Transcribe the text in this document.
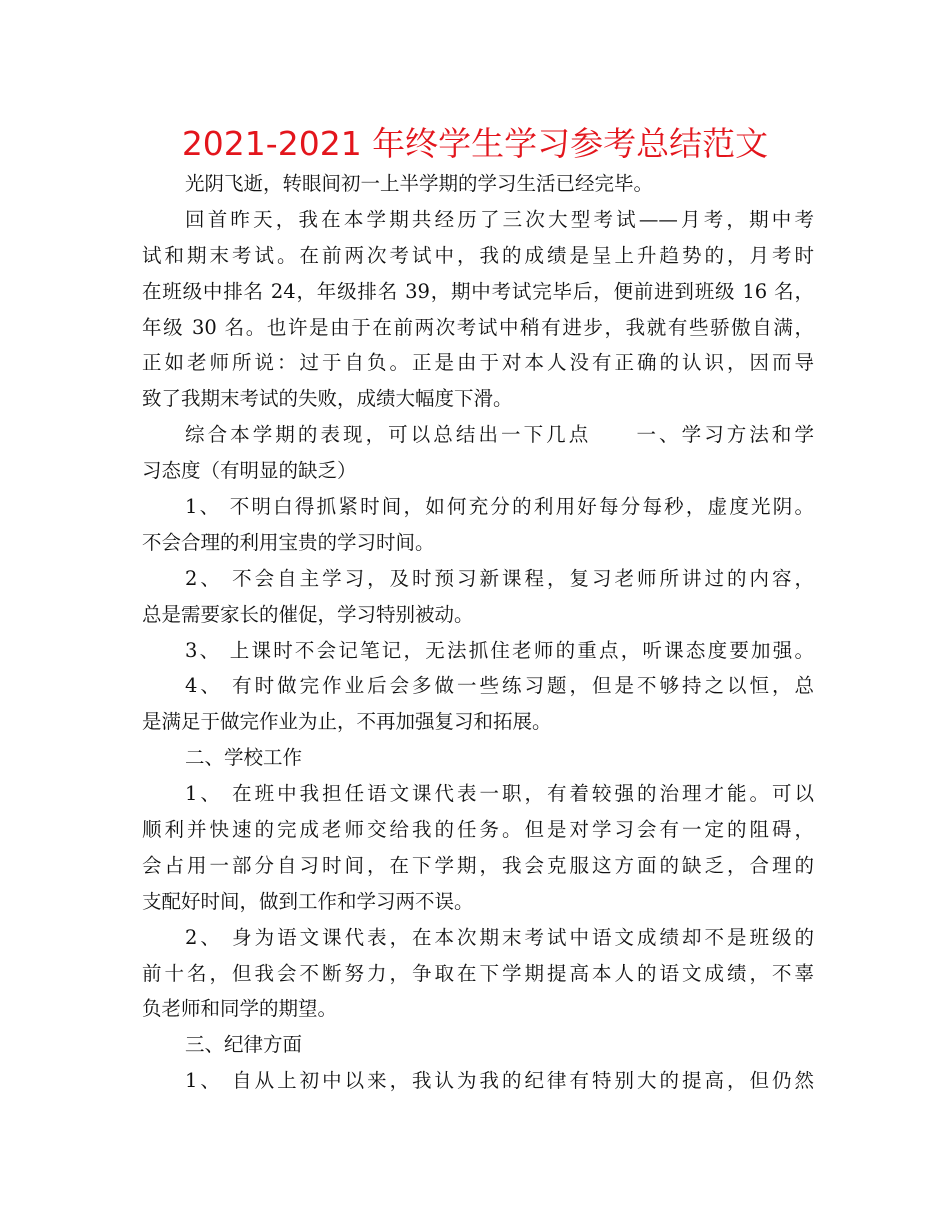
2021-2021 年终学生学习参考总结范文

光阴飞逝，转眼间初一上半学期的学习生活已经完毕。

回首昨天，我在本学期共经历了三次大型考试——月考，期中考

试和期末考试。在前两次考试中，我的成绩是呈上升趋势的，月考时

在班级中排名 24，年级排名 39，期中考试完毕后，便前进到班级 16 名，

年级 30 名。也许是由于在前两次考试中稍有进步，我就有些骄傲自满，

正如老师所说：过于自负。正是由于对本人没有正确的认识，因而导

致了我期末考试的失败，成绩大幅度下滑。

综合本学期的表现，可以总结出一下几点　　一、学习方法和学

习态度（有明显的缺乏）

1、 不明白得抓紧时间，如何充分的利用好每分每秒，虚度光阴。

不会合理的利用宝贵的学习时间。

2、 不会自主学习，及时预习新课程，复习老师所讲过的内容，

总是需要家长的催促，学习特别被动。

3、 上课时不会记笔记，无法抓住老师的重点，听课态度要加强。

4、 有时做完作业后会多做一些练习题，但是不够持之以恒，总

是满足于做完作业为止，不再加强复习和拓展。

二、学校工作

1、 在班中我担任语文课代表一职，有着较强的治理才能。可以

顺利并快速的完成老师交给我的任务。但是对学习会有一定的阻碍，

会占用一部分自习时间，在下学期，我会克服这方面的缺乏，合理的

支配好时间，做到工作和学习两不误。

2、 身为语文课代表，在本次期末考试中语文成绩却不是班级的

前十名，但我会不断努力，争取在下学期提高本人的语文成绩，不辜

负老师和同学的期望。

三、纪律方面

1、 自从上初中以来，我认为我的纪律有特别大的提高，但仍然
